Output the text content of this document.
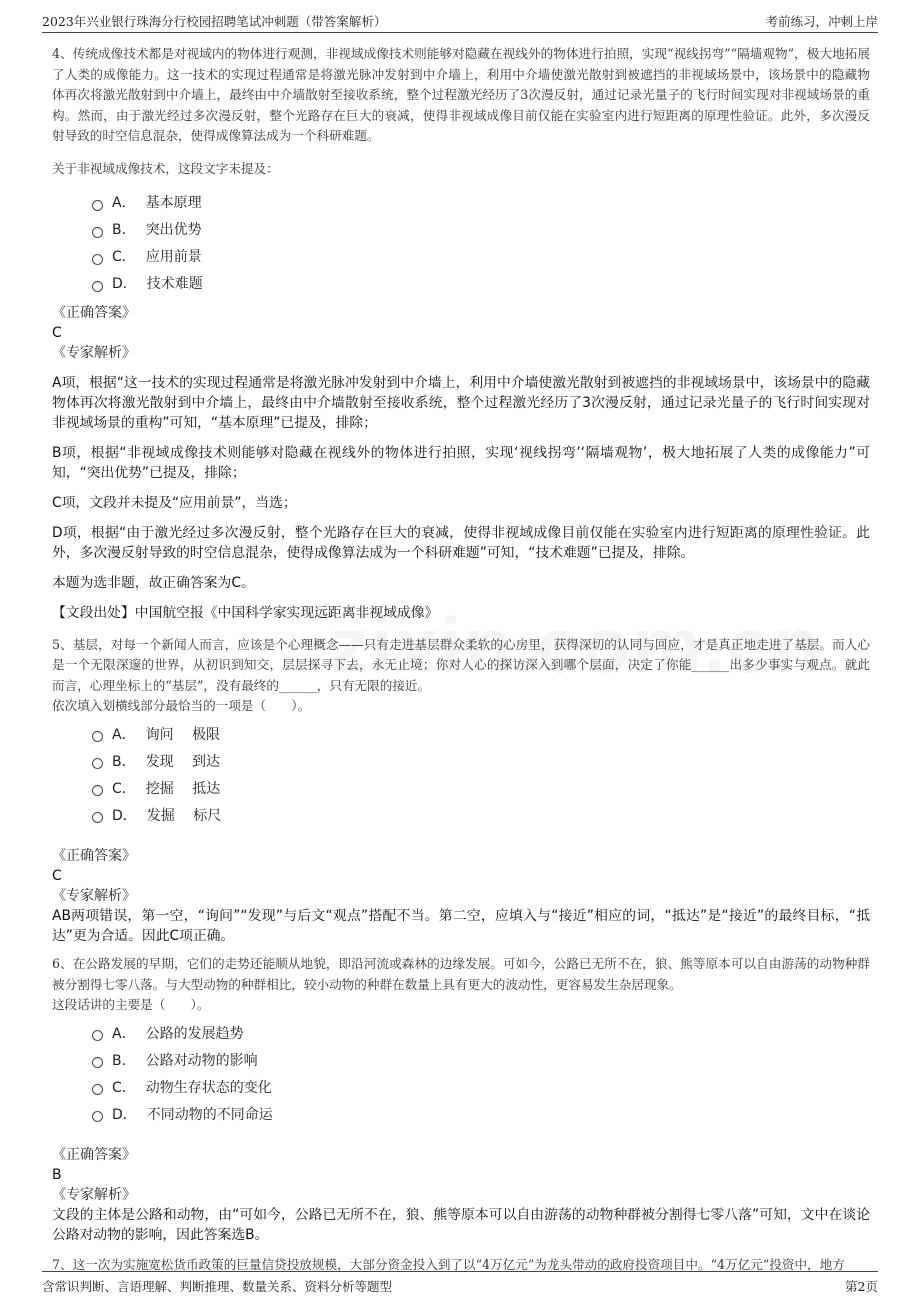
2023年兴业银行珠海分行校园招聘笔试冲刺题（带答案解析）	考前练习，冲刺上岸
4、传统成像技术都是对视域内的物体进行观测，非视域成像技术则能够对隐藏在视线外的物体进行拍照，实现“视线拐弯”“隔墙观物”，极大地拓展了人类的成像能力。这一技术的实现过程通常是将激光脉冲发射到中介墙上，利用中介墙使激光散射到被遮挡的非视域场景中，该场景中的隐藏物体再次将激光散射到中介墙上，最终由中介墙散射至接收系统，整个过程激光经历了3次漫反射，通过记录光量子的飞行时间实现对非视域场景的重构。然而，由于激光经过多次漫反射，整个光路存在巨大的衰减，使得非视域成像目前仅能在实验室内进行短距离的原理性验证。此外，多次漫反射导致的时空信息混杂，使得成像算法成为一个科研难题。
关于非视域成像技术，这段文字未提及：
A． 基本原理
B． 突出优势
C． 应用前景
D． 技术难题
《正确答案》
C
《专家解析》
A项，根据“这一技术的实现过程通常是将激光脉冲发射到中介墙上，利用中介墙使激光散射到被遮挡的非视域场景中，该场景中的隐藏物体再次将激光散射到中介墙上，最终由中介墙散射至接收系统，整个过程激光经历了3次漫反射，通过记录光量子的飞行时间实现对非视域场景的重构”可知，“基本原理”已提及，排除；
B项，根据“非视域成像技术则能够对隐藏在视线外的物体进行拍照，实现‘视线拐弯’‘隔墙观物’，极大地拓展了人类的成像能力”可知，“突出优势”已提及，排除；
C项，文段并未提及“应用前景”，当选；
D项，根据“由于激光经过多次漫反射，整个光路存在巨大的衰减，使得非视域成像目前仅能在实验室内进行短距离的原理性验证。此外，多次漫反射导致的时空信息混杂，使得成像算法成为一个科研难题”可知，“技术难题”已提及，排除。
本题为选非题，故正确答案为C。
【文段出处】中国航空报《中国科学家实现远距离非视域成像》
5、基层，对每一个新闻人而言，应该是个心理概念——只有走进基层群众柔软的心房里，获得深切的认同与回应，才是真正地走进了基层。而人心是一个无限深邃的世界，从初识到知交，层层探寻下去，永无止境；你对人心的探访深入到哪个层面，决定了你能______出多少事实与观点。就此而言，心理坐标上的“基层”，没有最终的______，只有无限的接近。
依次填入划横线部分最恰当的一项是（　　）。
A． 询问　 极限
B． 发现　 到达
C． 挖掘　 抵达
D． 发掘　 标尺
《正确答案》
C
《专家解析》
AB两项错误，第一空，“询问”“发现”与后文“观点”搭配不当。第二空，应填入与“接近”相应的词，“抵达”是“接近”的最终目标，“抵达”更为合适。因此C项正确。
6、在公路发展的早期，它们的走势还能顺从地貌，即沿河流或森林的边缘发展。可如今，公路已无所不在，狼、熊等原本可以自由游荡的动物种群被分割得七零八落。与大型动物的种群相比，较小动物的种群在数量上具有更大的波动性，更容易发生杂居现象。
这段话讲的主要是（　　）。
A． 公路的发展趋势
B． 公路对动物的影响
C． 动物生存状态的变化
D． 不同动物的不同命运
《正确答案》
B
《专家解析》
文段的主体是公路和动物，由“可如今，公路已无所不在，狼、熊等原本可以自由游荡的动物种群被分割得七零八落”可知，文中在谈论公路对动物的影响，因此答案选B。
7、这一次为实施宽松货币政策的巨量信贷投放规模，大部分资金投入到了以“4万亿元”为龙头带动的政府投资项目中。“4万亿元”投资中，地方
含常识判断、言语理解、判断推理、数量关系、资料分析等题型	第2页
